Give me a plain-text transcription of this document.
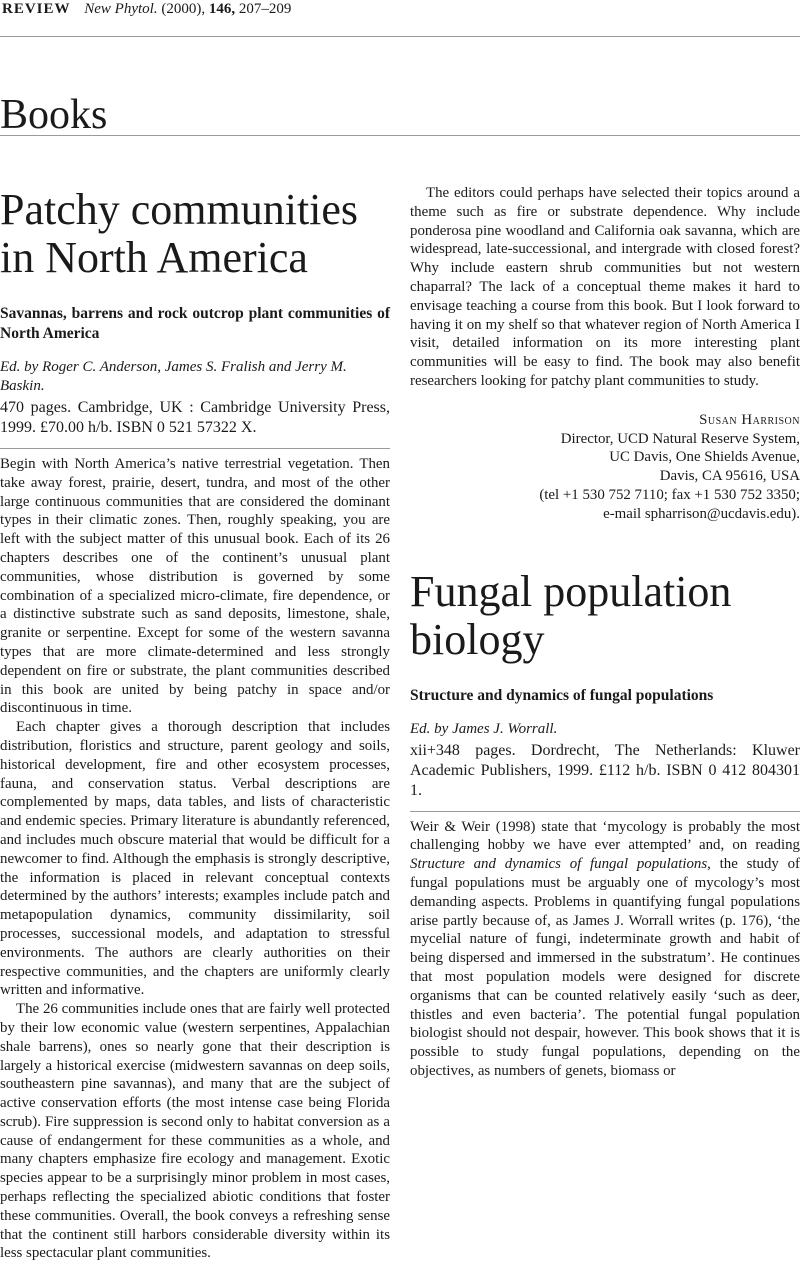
REVIEW New Phytol. (2000), 146, 207–209
Books
Patchy communities in North America

Savannas, barrens and rock outcrop plant communities of North America

Ed. by Roger C. Anderson, James S. Fralish and Jerry M. Baskin.

470 pages. Cambridge, UK : Cambridge University Press, 1999. £70.00 h/b. ISBN 0 521 57322 X.

Begin with North America’s native terrestrial vegetation. Then take away forest, prairie, desert, tundra, and most of the other large continuous communities that are considered the dominant types in their climatic zones. Then, roughly speaking, you are left with the subject matter of this unusual book. Each of its 26 chapters describes one of the continent’s unusual plant communities, whose distribution is governed by some combination of a specialized micro-climate, fire dependence, or a distinctive substrate such as sand deposits, limestone, shale, granite or serpentine. Except for some of the western savanna types that are more climate-determined and less strongly dependent on fire or substrate, the plant communities described in this book are united by being patchy in space and/or discontinuous in time.

Each chapter gives a thorough description that includes distribution, floristics and structure, parent geology and soils, historical development, fire and other ecosystem processes, fauna, and conservation status. Verbal descriptions are complemented by maps, data tables, and lists of characteristic and endemic species. Primary literature is abundantly referenced, and includes much obscure material that would be difficult for a newcomer to find. Although the emphasis is strongly descriptive, the information is placed in relevant conceptual contexts determined by the authors’ interests; examples include patch and metapopulation dynamics, community dissimilarity, soil processes, successional models, and adaptation to stressful environments. The authors are clearly authorities on their respective communities, and the chapters are uniformly clearly written and informative.

The 26 communities include ones that are fairly well protected by their low economic value (western serpentines, Appalachian shale barrens), ones so nearly gone that their description is largely a historical exercise (midwestern savannas on deep soils, southeastern pine savannas), and many that are the subject of active conservation efforts (the most intense case being Florida scrub). Fire suppression is second only to habitat conversion as a cause of endangerment for these communities as a whole, and many chapters emphasize fire ecology and management. Exotic species appear to be a surprisingly minor problem in most cases, perhaps reflecting the specialized abiotic conditions that foster these communities. Overall, the book conveys a refreshing sense that the continent still harbors considerable diversity within its less spectacular plant communities.

The editors could perhaps have selected their topics around a theme such as fire or substrate dependence. Why include ponderosa pine woodland and California oak savanna, which are widespread, late-successional, and intergrade with closed forest? Why include eastern shrub communities but not western chaparral? The lack of a conceptual theme makes it hard to envisage teaching a course from this book. But I look forward to having it on my shelf so that whatever region of North America I visit, detailed information on its more interesting plant communities will be easy to find. The book may also benefit researchers looking for patchy plant communities to study.

Susan Harrison
Director, UCD Natural Reserve System,
UC Davis, One Shields Avenue,
Davis, CA 95616, USA
(tel +1 530 752 7110; fax +1 530 752 3350;
e-mail spharrison@ucdavis.edu).
Fungal population biology

Structure and dynamics of fungal populations

Ed. by James J. Worrall.

xii+348 pages. Dordrecht, The Netherlands: Kluwer Academic Publishers, 1999. £112 h/b. ISBN 0 412 804301 1.

Weir & Weir (1998) state that ‘mycology is probably the most challenging hobby we have ever attempted’ and, on reading Structure and dynamics of fungal populations, the study of fungal populations must be arguably one of mycology’s most demanding aspects. Problems in quantifying fungal populations arise partly because of, as James J. Worrall writes (p. 176), ‘the mycelial nature of fungi, indeterminate growth and habit of being dispersed and immersed in the substratum’. He continues that most population models were designed for discrete organisms that can be counted relatively easily ‘such as deer, thistles and even bacteria’. The potential fungal population biologist should not despair, however. This book shows that it is possible to study fungal populations, depending on the objectives, as numbers of genets, biomass or
